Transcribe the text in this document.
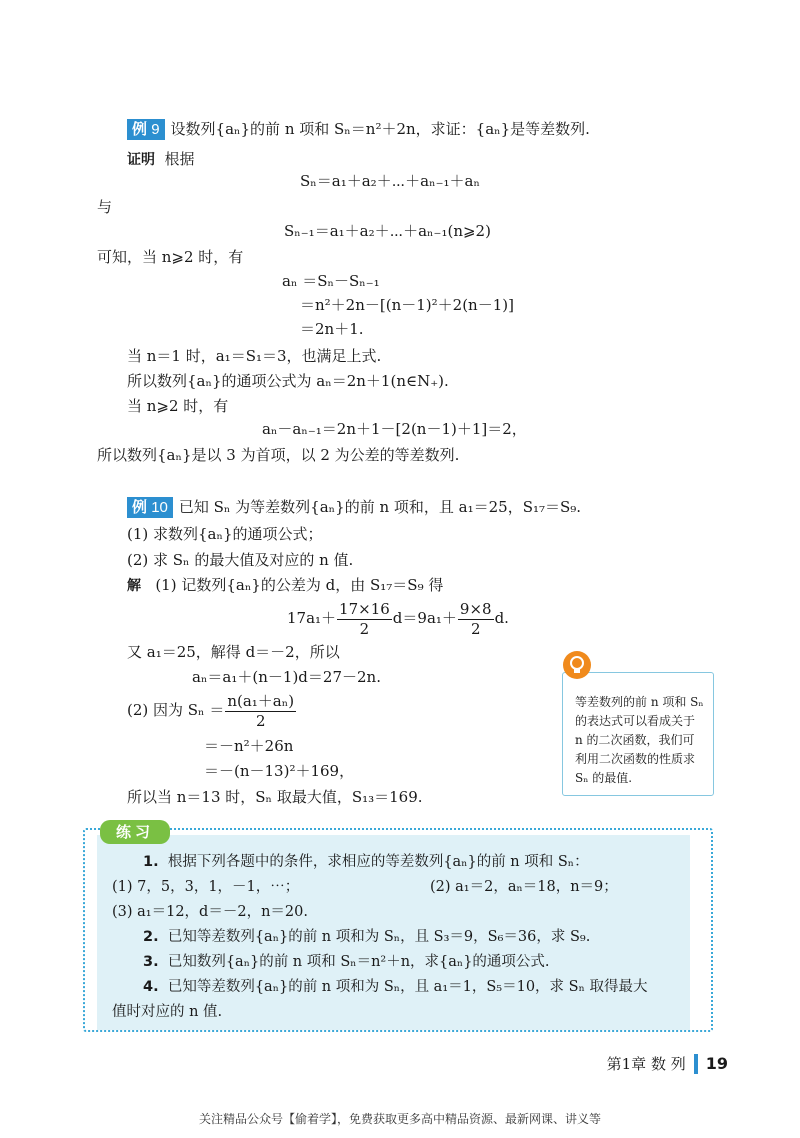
例 9 设数列{aₙ}的前 n 项和 Sₙ＝n²＋2n，求证：{aₙ}是等差数列.
证明 根据
Sₙ＝a₁＋a₂＋⋯＋aₙ₋₁＋aₙ
与
Sₙ₋₁＝a₁＋a₂＋⋯＋aₙ₋₁(n⩾2)
可知，当 n⩾2 时，有
aₙ ＝Sₙ－Sₙ₋₁
＝n²＋2n－[(n－1)²＋2(n－1)]
＝2n＋1.
当 n＝1 时，a₁＝S₁＝3，也满足上式.
所以数列{aₙ}的通项公式为 aₙ＝2n＋1(n∈N₊).
当 n⩾2 时，有
aₙ－aₙ₋₁＝2n＋1－[2(n－1)＋1]＝2，
所以数列{aₙ}是以 3 为首项，以 2 为公差的等差数列.
例 10 已知 Sₙ 为等差数列{aₙ}的前 n 项和，且 a₁＝25，S₁₇＝S₉.
(1) 求数列{aₙ}的通项公式；
(2) 求 Sₙ 的最大值及对应的 n 值.
解 (1) 记数列{aₙ}的公差为 d，由 S₁₇＝S₉ 得
$17a_1+ \frac{17\times 16}{2} d=9a_1+ \frac{9\times 8}{2} d$.
又 a₁＝25，解得 d＝－2，所以
aₙ＝a₁＋(n－1)d＝27－2n.
(2) 因为 $S_n = \frac{\text{n(a₁＋aₙ)}}{2}$
＝－n²＋26n
＝－(n－13)²＋169，
所以当 n＝13 时，Sₙ 取最大值，S₁₃＝169.
等差数列的前 n 项和 Sₙ 的表达式可以看成关于 n 的二次函数，我们可利用二次函数的性质求 Sₙ 的最值.
练习
1. 根据下列各题中的条件，求相应的等差数列{aₙ}的前 n 项和 Sₙ：
(1) 7，5，3，1，－1，⋯；	(2) a₁＝2，aₙ＝18，n＝9；
(3) a₁＝12，d＝－2，n＝20.
2. 已知等差数列{aₙ}的前 n 项和为 Sₙ，且 S₃＝9，S₆＝36，求 S₉.
3. 已知数列{aₙ}的前 n 项和 Sₙ＝n²＋n，求{aₙ}的通项公式.
4. 已知等差数列{aₙ}的前 n 项和为 Sₙ，且 a₁＝1，S₅＝10，求 Sₙ 取得最大
值时对应的 n 值.
第1章 数 列 19
关注精品公众号【偷着学】，免费获取更多高中精品资源、最新网课、讲义等
